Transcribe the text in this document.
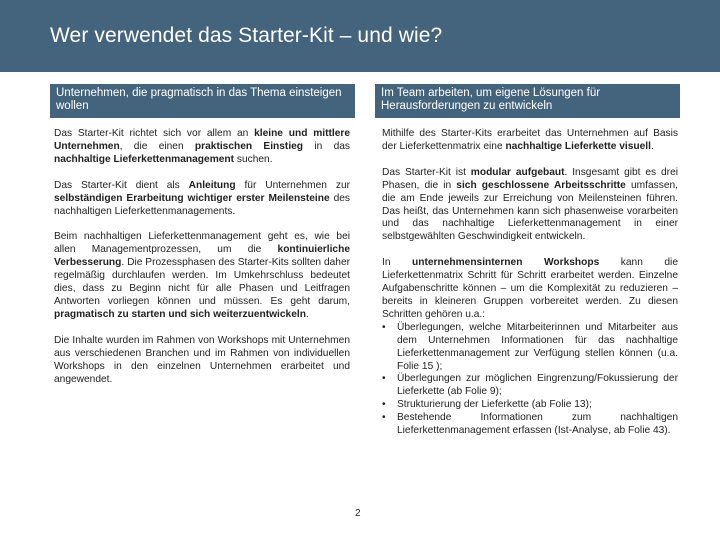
Wer verwendet das Starter-Kit – und wie?
Unternehmen, die pragmatisch in das Thema einsteigen wollen
Im Team arbeiten, um eigene Lösungen für Herausforderungen zu entwickeln

Das Starter-Kit richtet sich vor allem an kleine und mittlere Unternehmen, die einen praktischen Einstieg in das nachhaltige Lieferkettenmanagement suchen.

Das Starter-Kit dient als Anleitung für Unternehmen zur selbständigen Erarbeitung wichtiger erster Meilensteine des nachhaltigen Lieferkettenmanagements.

Beim nachhaltigen Lieferkettenmanagement geht es, wie bei allen Managementprozessen, um die kontinuierliche Verbesserung. Die Prozessphasen des Starter-Kits sollten daher regelmäßig durchlaufen werden. Im Umkehrschluss bedeutet dies, dass zu Beginn nicht für alle Phasen und Leitfragen Antworten vorliegen können und müssen. Es geht darum, pragmatisch zu starten und sich weiterzuentwickeln.

Die Inhalte wurden im Rahmen von Workshops mit Unternehmen aus verschiedenen Branchen und im Rahmen von individuellen Workshops in den einzelnen Unternehmen erarbeitet und angewendet.

Mithilfe des Starter-Kits erarbeitet das Unternehmen auf Basis der Lieferkettenmatrix eine nachhaltige Lieferkette visuell.

Das Starter-Kit ist modular aufgebaut. Insgesamt gibt es drei Phasen, die in sich geschlossene Arbeitsschritte umfassen, die am Ende jeweils zur Erreichung von Meilensteinen führen. Das heißt, das Unternehmen kann sich phasenweise vorarbeiten und das nachhaltige Lieferkettenmanagement in einer selbstgewählten Geschwindigkeit entwickeln.

In unternehmensinternen Workshops kann die Lieferkettenmatrix Schritt für Schritt erarbeitet werden. Einzelne Aufgabenschritte können – um die Komplexität zu reduzieren – bereits in kleineren Gruppen vorbereitet werden. Zu diesen Schritten gehören u.a.:

• Überlegungen, welche Mitarbeiterinnen und Mitarbeiter aus dem Unternehmen Informationen für das nachhaltige Lieferkettenmanagement zur Verfügung stellen können (u.a. Folie 15 );
• Überlegungen zur möglichen Eingrenzung/Fokussierung der Lieferkette (ab Folie 9);
• Strukturierung der Lieferkette (ab Folie 13);
• Bestehende Informationen zum nachhaltigen Lieferkettenmanagement erfassen (Ist-Analyse, ab Folie 43).
2
